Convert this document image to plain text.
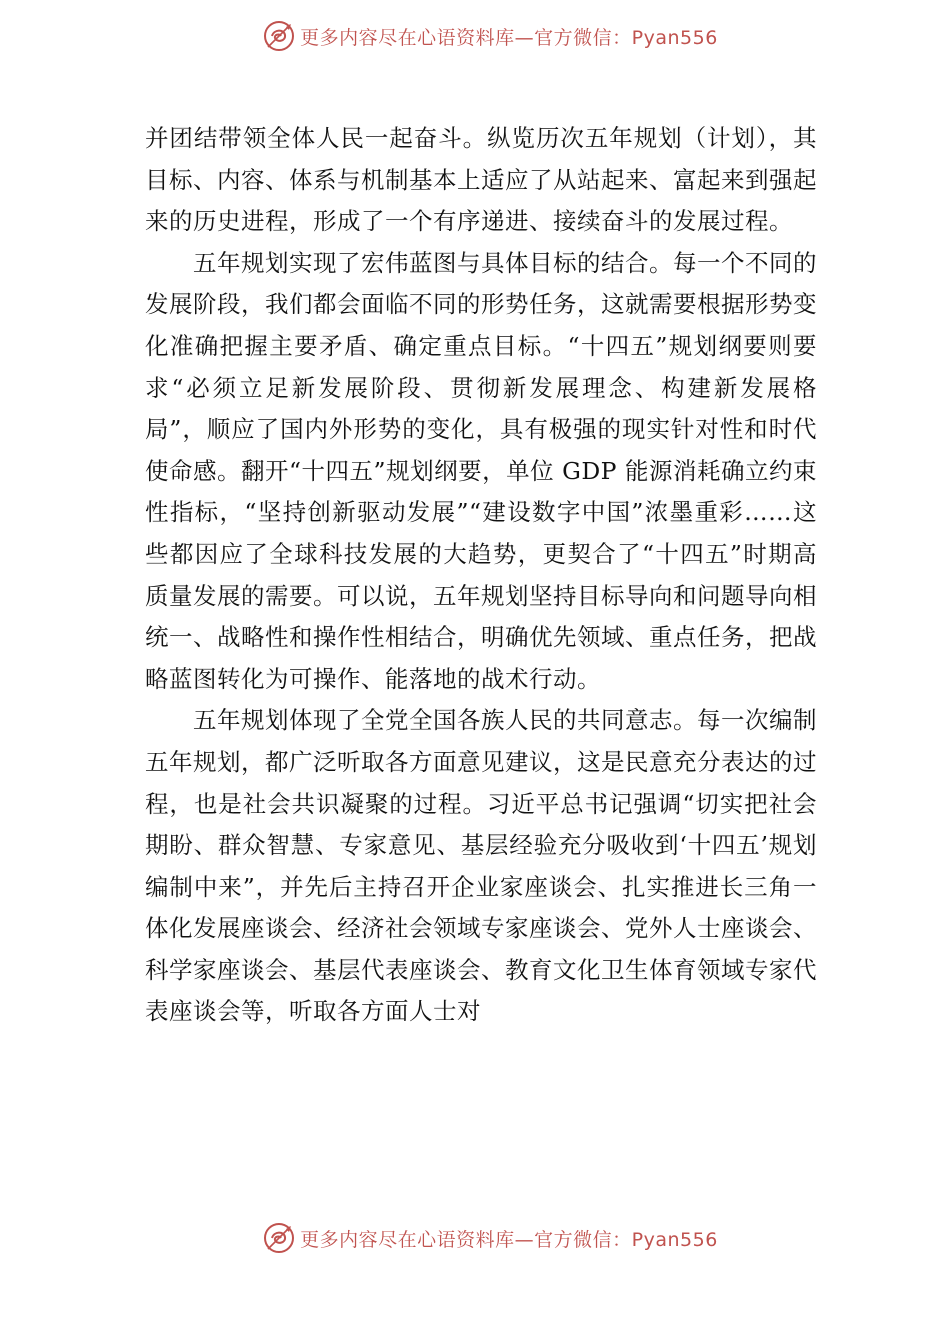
更多内容尽在心语资料库—官方微信：Pyan556

并团结带领全体人民一起奋斗。纵览历次五年规划（计划），其目标、内容、体系与机制基本上适应了从站起来、富起来到强起来的历史进程，形成了一个有序递进、接续奋斗的发展过程。

五年规划实现了宏伟蓝图与具体目标的结合。每一个不同的发展阶段，我们都会面临不同的形势任务，这就需要根据形势变化准确把握主要矛盾、确定重点目标。“十四五”规划纲要则要求“必须立足新发展阶段、贯彻新发展理念、构建新发展格局”，顺应了国内外形势的变化，具有极强的现实针对性和时代使命感。翻开“十四五”规划纲要，单位 GDP 能源消耗确立约束性指标，“坚持创新驱动发展”“建设数字中国”浓墨重彩……这些都因应了全球科技发展的大趋势，更契合了“十四五”时期高质量发展的需要。可以说，五年规划坚持目标导向和问题导向相统一、战略性和操作性相结合，明确优先领域、重点任务，把战略蓝图转化为可操作、能落地的战术行动。

五年规划体现了全党全国各族人民的共同意志。每一次编制五年规划，都广泛听取各方面意见建议，这是民意充分表达的过程，也是社会共识凝聚的过程。习近平总书记强调“切实把社会期盼、群众智慧、专家意见、基层经验充分吸收到‘十四五’规划编制中来”，并先后主持召开企业家座谈会、扎实推进长三角一体化发展座谈会、经济社会领域专家座谈会、党外人士座谈会、科学家座谈会、基层代表座谈会、教育文化卫生体育领域专家代表座谈会等，听取各方面人士对

更多内容尽在心语资料库—官方微信：Pyan556
